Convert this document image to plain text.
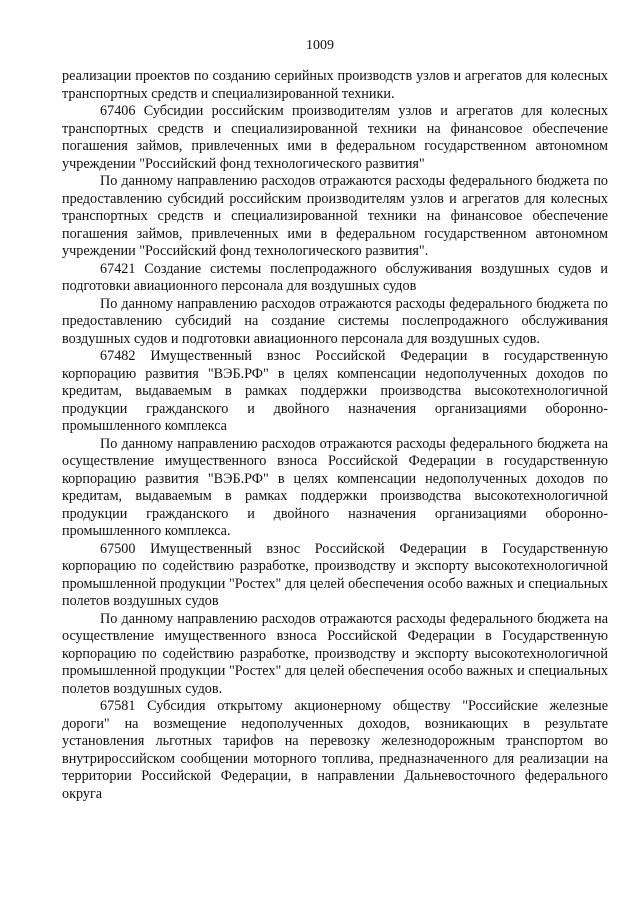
1009

реализации проектов по созданию серийных производств узлов и агрегатов для колесных транспортных средств и специализированной техники.

67406 Субсидии российским производителям узлов и агрегатов для колесных транспортных средств и специализированной техники на финансовое обеспечение погашения займов, привлеченных ими в федеральном государственном автономном учреждении "Российский фонд технологического развития"

По данному направлению расходов отражаются расходы федерального бюджета по предоставлению субсидий российским производителям узлов и агрегатов для колесных транспортных средств и специализированной техники на финансовое обеспечение погашения займов, привлеченных ими в федеральном государственном автономном учреждении "Российский фонд технологического развития".

67421 Создание системы послепродажного обслуживания воздушных судов и подготовки авиационного персонала для воздушных судов

По данному направлению расходов отражаются расходы федерального бюджета по предоставлению субсидий на создание системы послепродажного обслуживания воздушных судов и подготовки авиационного персонала для воздушных судов.

67482 Имущественный взнос Российской Федерации в государственную корпорацию развития "ВЭБ.РФ" в целях компенсации недополученных доходов по кредитам, выдаваемым в рамках поддержки производства высокотехнологичной продукции гражданского и двойного назначения организациями оборонно-промышленного комплекса

По данному направлению расходов отражаются расходы федерального бюджета на осуществление имущественного взноса Российской Федерации в государственную корпорацию развития "ВЭБ.РФ" в целях компенсации недополученных доходов по кредитам, выдаваемым в рамках поддержки производства высокотехнологичной продукции гражданского и двойного назначения организациями оборонно-промышленного комплекса.

67500 Имущественный взнос Российской Федерации в Государственную корпорацию по содействию разработке, производству и экспорту высокотехнологичной промышленной продукции "Ростех" для целей обеспечения особо важных и специальных полетов воздушных судов

По данному направлению расходов отражаются расходы федерального бюджета на осуществление имущественного взноса Российской Федерации в Государственную корпорацию по содействию разработке, производству и экспорту высокотехнологичной промышленной продукции "Ростех" для целей обеспечения особо важных и специальных полетов воздушных судов.

67581 Субсидия открытому акционерному обществу "Российские железные дороги" на возмещение недополученных доходов, возникающих в результате установления льготных тарифов на перевозку железнодорожным транспортом во внутрироссийском сообщении моторного топлива, предназначенного для реализации на территории Российской Федерации, в направлении Дальневосточного федерального округа
